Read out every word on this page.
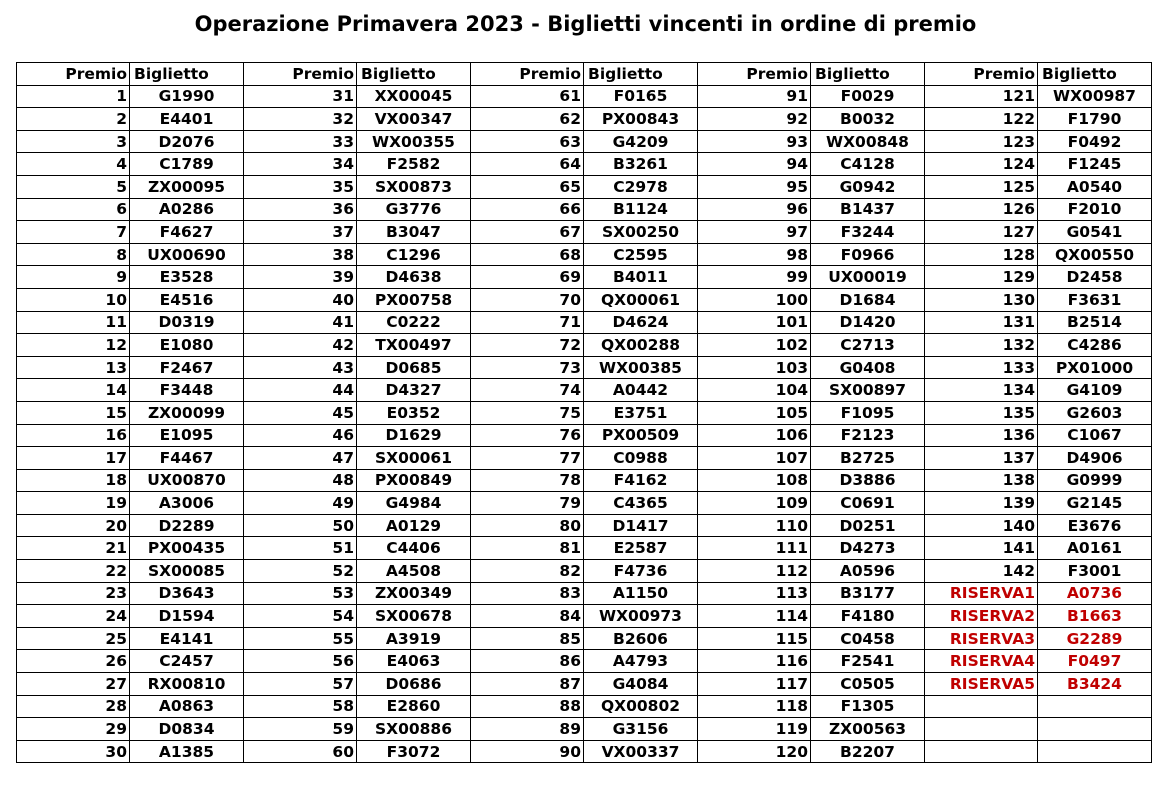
Operazione Primavera 2023 - Biglietti vincenti in ordine di premio
Premio	Biglietto	Premio	Biglietto	Premio	Biglietto	Premio	Biglietto	Premio	Biglietto
1	G1990	31	XX00045	61	F0165	91	F0029	121	WX00987
2	E4401	32	VX00347	62	PX00843	92	B0032	122	F1790
3	D2076	33	WX00355	63	G4209	93	WX00848	123	F0492
4	C1789	34	F2582	64	B3261	94	C4128	124	F1245
5	ZX00095	35	SX00873	65	C2978	95	G0942	125	A0540
6	A0286	36	G3776	66	B1124	96	B1437	126	F2010
7	F4627	37	B3047	67	SX00250	97	F3244	127	G0541
8	UX00690	38	C1296	68	C2595	98	F0966	128	QX00550
9	E3528	39	D4638	69	B4011	99	UX00019	129	D2458
10	E4516	40	PX00758	70	QX00061	100	D1684	130	F3631
11	D0319	41	C0222	71	D4624	101	D1420	131	B2514
12	E1080	42	TX00497	72	QX00288	102	C2713	132	C4286
13	F2467	43	D0685	73	WX00385	103	G0408	133	PX01000
14	F3448	44	D4327	74	A0442	104	SX00897	134	G4109
15	ZX00099	45	E0352	75	E3751	105	F1095	135	G2603
16	E1095	46	D1629	76	PX00509	106	F2123	136	C1067
17	F4467	47	SX00061	77	C0988	107	B2725	137	D4906
18	UX00870	48	PX00849	78	F4162	108	D3886	138	G0999
19	A3006	49	G4984	79	C4365	109	C0691	139	G2145
20	D2289	50	A0129	80	D1417	110	D0251	140	E3676
21	PX00435	51	C4406	81	E2587	111	D4273	141	A0161
22	SX00085	52	A4508	82	F4736	112	A0596	142	F3001
23	D3643	53	ZX00349	83	A1150	113	B3177	RISERVA1	A0736
24	D1594	54	SX00678	84	WX00973	114	F4180	RISERVA2	B1663
25	E4141	55	A3919	85	B2606	115	C0458	RISERVA3	G2289
26	C2457	56	E4063	86	A4793	116	F2541	RISERVA4	F0497
27	RX00810	57	D0686	87	G4084	117	C0505	RISERVA5	B3424
28	A0863	58	E2860	88	QX00802	118	F1305		
29	D0834	59	SX00886	89	G3156	119	ZX00563		
30	A1385	60	F3072	90	VX00337	120	B2207		
